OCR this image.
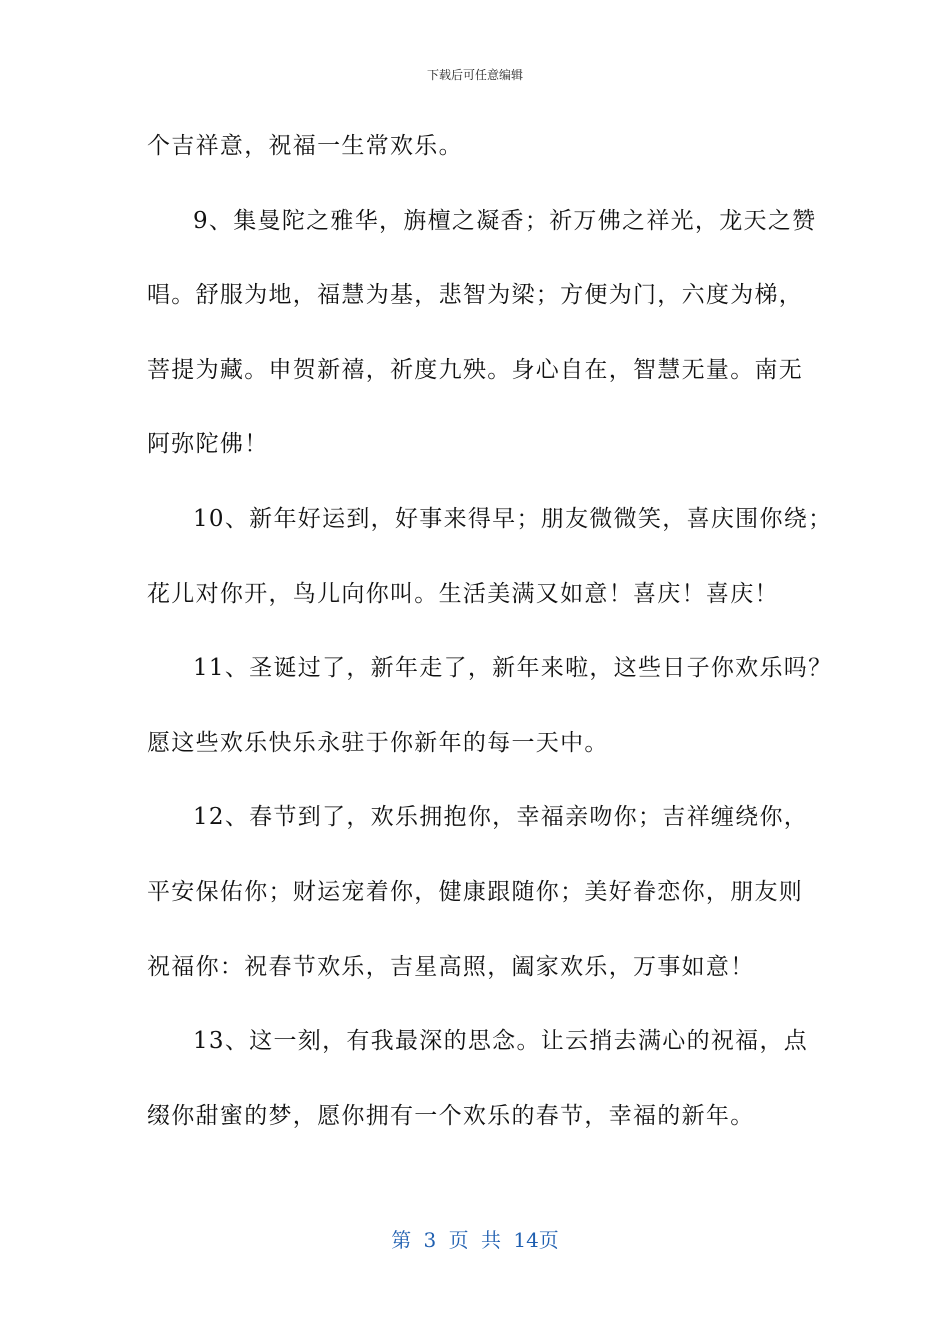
下载后可任意编辑
个吉祥意，祝福一生常欢乐。
9、集曼陀之雅华，旃檀之凝香；祈万佛之祥光，龙天之赞
唱。舒服为地，福慧为基，悲智为梁；方便为门，六度为梯，
菩提为藏。申贺新禧，祈度九殃。身心自在，智慧无量。南无
阿弥陀佛！
10、新年好运到，好事来得早；朋友微微笑，喜庆围你绕；
花儿对你开，鸟儿向你叫。生活美满又如意！喜庆！喜庆！
11、圣诞过了，新年走了，新年来啦，这些日子你欢乐吗？
愿这些欢乐快乐永驻于你新年的每一天中。
12、春节到了，欢乐拥抱你，幸福亲吻你；吉祥缠绕你，
平安保佑你；财运宠着你，健康跟随你；美好眷恋你，朋友则
祝福你：祝春节欢乐，吉星高照，阖家欢乐，万事如意！
13、这一刻，有我最深的思念。让云捎去满心的祝福，点
缀你甜蜜的梦，愿你拥有一个欢乐的春节，幸福的新年。
第 3 页 共 14页
